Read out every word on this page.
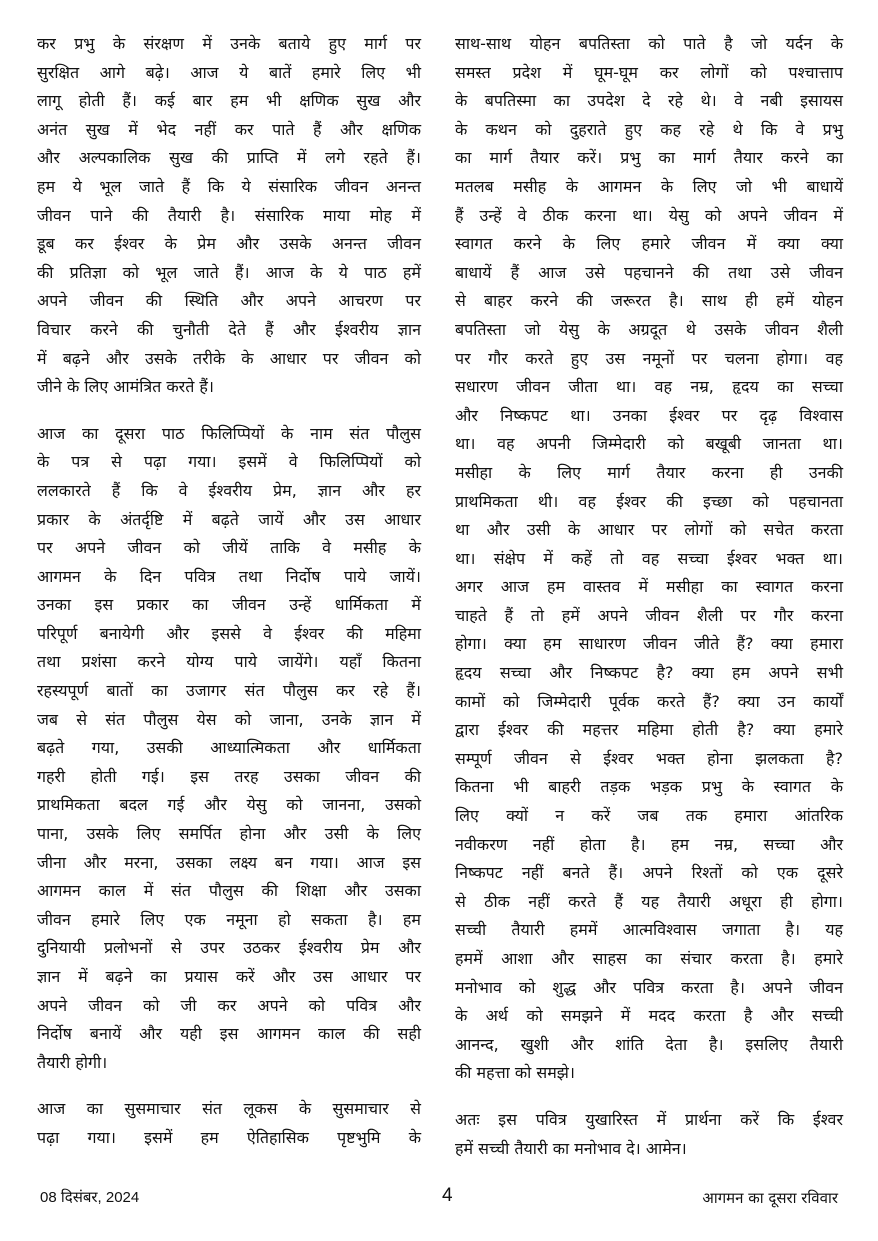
कर प्रभु के संरक्षण में उनके बताये हुए मार्ग पर
सुरक्षित आगे बढ़े। आज ये बातें हमारे लिए भी
लागू होती हैं। कई बार हम भी क्षणिक सुख और
अनंत सुख में भेद नहीं कर पाते हैं और क्षणिक
और अल्पकालिक सुख की प्राप्ति में लगे रहते हैं।
हम ये भूल जाते हैं कि ये संसारिक जीवन अनन्त
जीवन पाने की तैयारी है। संसारिक माया मोह में
डूब कर ईश्वर के प्रेम और उसके अनन्त जीवन
की प्रतिज्ञा को भूल जाते हैं। आज के ये पाठ हमें
अपने जीवन की स्थिति और अपने आचरण पर
विचार करने की चुनौती देते हैं और ईश्वरीय ज्ञान
में बढ़ने और उसके तरीके के आधार पर जीवन को
जीने के लिए आमंत्रित करते हैं।

आज का दूसरा पाठ फिलिप्पियों के नाम संत पौलुस
के पत्र से पढ़ा गया। इसमें वे फिलिप्पियों को
ललकारते हैं कि वे ईश्वरीय प्रेम, ज्ञान और हर
प्रकार के अंतर्दृष्टि में बढ़ते जायें और उस आधार
पर अपने जीवन को जीयें ताकि वे मसीह के
आगमन के दिन पवित्र तथा निर्दोष पाये जायें।
उनका इस प्रकार का जीवन उन्हें धार्मिकता में
परिपूर्ण बनायेगी और इससे वे ईश्वर की महिमा
तथा प्रशंसा करने योग्य पाये जायेंगे। यहाँ कितना
रहस्यपूर्ण बातों का उजागर संत पौलुस कर रहे हैं।
जब से संत पौलुस येस को जाना, उनके ज्ञान में
बढ़ते गया, उसकी आध्यात्मिकता और धार्मिकता
गहरी होती गई। इस तरह उसका जीवन की
प्राथमिकता बदल गई और येसु को जानना, उसको
पाना, उसके लिए समर्पित होना और उसी के लिए
जीना और मरना, उसका लक्ष्य बन गया। आज इस
आगमन काल में संत पौलुस की शिक्षा और उसका
जीवन हमारे लिए एक नमूना हो सकता है। हम
दुनियायी प्रलोभनों से उपर उठकर ईश्वरीय प्रेम और
ज्ञान में बढ़ने का प्रयास करें और उस आधार पर
अपने जीवन को जी कर अपने को पवित्र और
निर्दोष बनायें और यही इस आगमन काल की सही
तैयारी होगी।

आज का सुसमाचार संत लूकस के सुसमाचार से
पढ़ा गया। इसमें हम ऐतिहासिक पृष्टभुमि के

साथ-साथ योहन बपतिस्ता को पाते है जो यर्दन के
समस्त प्रदेश में घूम-घूम कर लोगों को पश्चात्ताप
के बपतिस्मा का उपदेश दे रहे थे। वे नबी इसायस
के कथन को दुहराते हुए कह रहे थे कि वे प्रभु
का मार्ग तैयार करें। प्रभु का मार्ग तैयार करने का
मतलब मसीह के आगमन के लिए जो भी बाधायें
हैं उन्हें वे ठीक करना था। येसु को अपने जीवन में
स्वागत करने के लिए हमारे जीवन में क्या क्या
बाधायें हैं आज उसे पहचानने की तथा उसे जीवन
से बाहर करने की जरूरत है। साथ ही हमें योहन
बपतिस्ता जो येसु के अग्रदूत थे उसके जीवन शैली
पर गौर करते हुए उस नमूनों पर चलना होगा। वह
सधारण जीवन जीता था। वह नम्र, हृदय का सच्चा
और निष्कपट था। उनका ईश्वर पर दृढ़ विश्वास
था। वह अपनी जिम्मेदारी को बखूबी जानता था।
मसीहा के लिए मार्ग तैयार करना ही उनकी
प्राथमिकता थी। वह ईश्वर की इच्छा को पहचानता
था और उसी के आधार पर लोगों को सचेत करता
था। संक्षेप में कहें तो वह सच्चा ईश्वर भक्त था।
अगर आज हम वास्तव में मसीहा का स्वागत करना
चाहते हैं तो हमें अपने जीवन शैली पर गौर करना
होगा। क्या हम साधारण जीवन जीते हैं? क्या हमारा
हृदय सच्चा और निष्कपट है? क्या हम अपने सभी
कामों को जिम्मेदारी पूर्वक करते हैं? क्या उन कार्यों
द्वारा ईश्वर की महत्तर महिमा होती है? क्या हमारे
सम्पूर्ण जीवन से ईश्वर भक्त होना झलकता है?
कितना भी बाहरी तड़क भड़क प्रभु के स्वागत के
लिए क्यों न करें जब तक हमारा आंतरिक
नवीकरण नहीं होता है। हम नम्र, सच्चा और
निष्कपट नहीं बनते हैं। अपने रिश्तों को एक दूसरे
से ठीक नहीं करते हैं यह तैयारी अधूरा ही होगा।
सच्ची तैयारी हममें आत्मविश्वास जगाता है। यह
हममें आशा और साहस का संचार करता है। हमारे
मनोभाव को शुद्ध और पवित्र करता है। अपने जीवन
के अर्थ को समझने में मदद करता है और सच्ची
आनन्द, खुशी और शांति देता है। इसलिए तैयारी
की महत्ता को समझे।

अतः इस पवित्र युखारिस्त में प्रार्थना करें कि ईश्वर
हमें सच्ची तैयारी का मनोभाव दे। आमेन।

08 दिसंबर, 2024	4	आगमन का दूसरा रविवार
